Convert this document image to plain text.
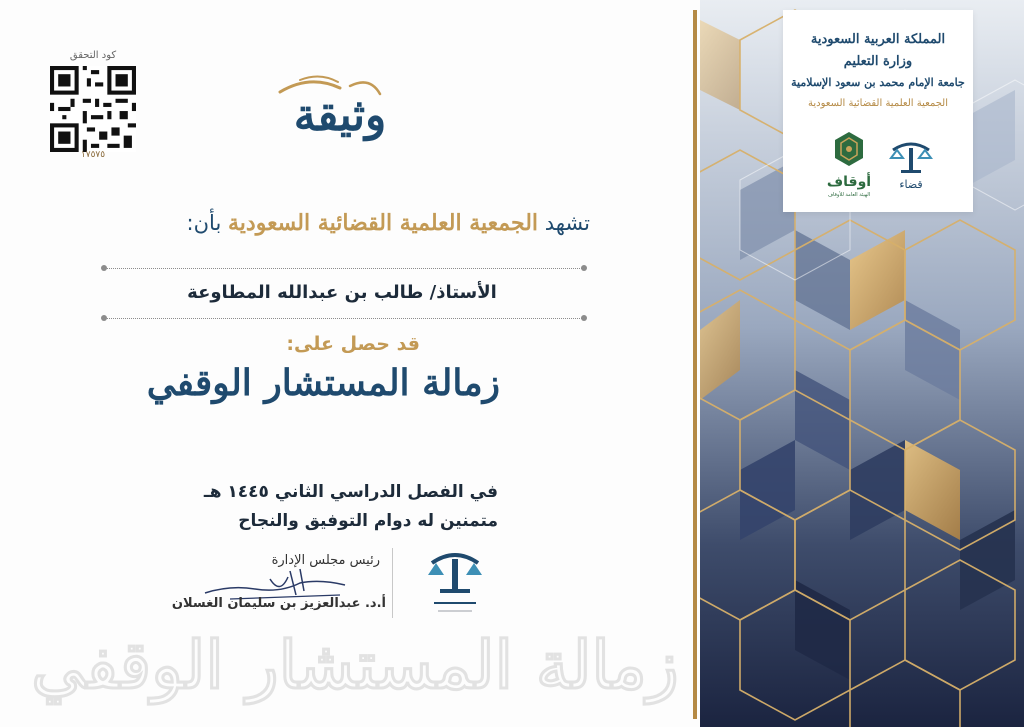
المملكة العربية السعودية
وزارة التعليم
جامعة الإمام محمد بن سعود الإسلامية
الجمعية العلمية القضائية السعودية
أوقاف
الهيئة العامة للأوقاف
قضاء
كود التحقق
١٧٥٧٥
وثيقة
تشهد الجمعية العلمية القضائية السعودية بأن:
الأستاذ/ طالب بن عبدالله المطاوعة
قد حصل على:
زمالة المستشار الوقفي
في الفصل الدراسي الثاني ١٤٤٥ هـ
متمنين له دوام التوفيق والنجاح
رئيس مجلس الإدارة
أ.د. عبدالعزيز بن سليمان الغسلان
زمالة المستشار الوقفي
